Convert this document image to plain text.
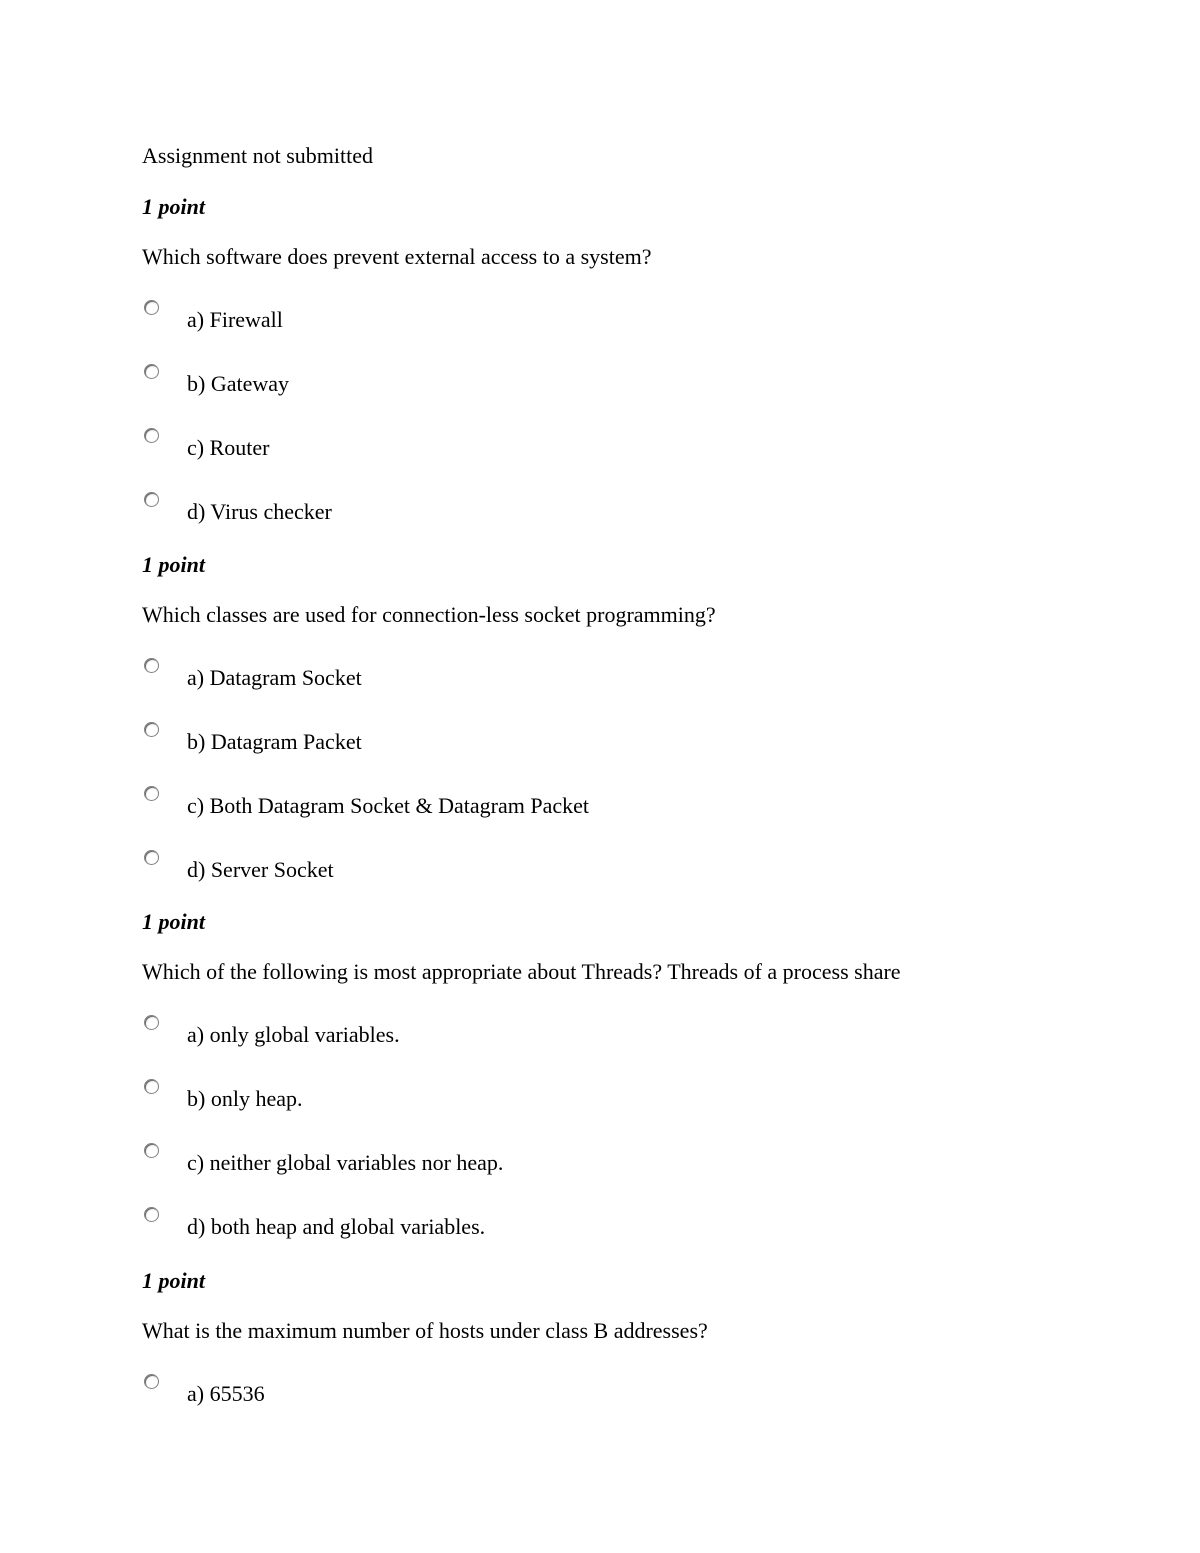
Assignment not submitted
1 point
Which software does prevent external access to a system?
a) Firewall
b) Gateway
c) Router
d) Virus checker
1 point
Which classes are used for connection-less socket programming?
a) Datagram Socket
b) Datagram Packet
c) Both Datagram Socket & Datagram Packet
d) Server Socket
1 point
Which of the following is most appropriate about Threads? Threads of a process share
a) only global variables.
b) only heap.
c) neither global variables nor heap.
d) both heap and global variables.
1 point
What is the maximum number of hosts under class B addresses?
a) 65536
